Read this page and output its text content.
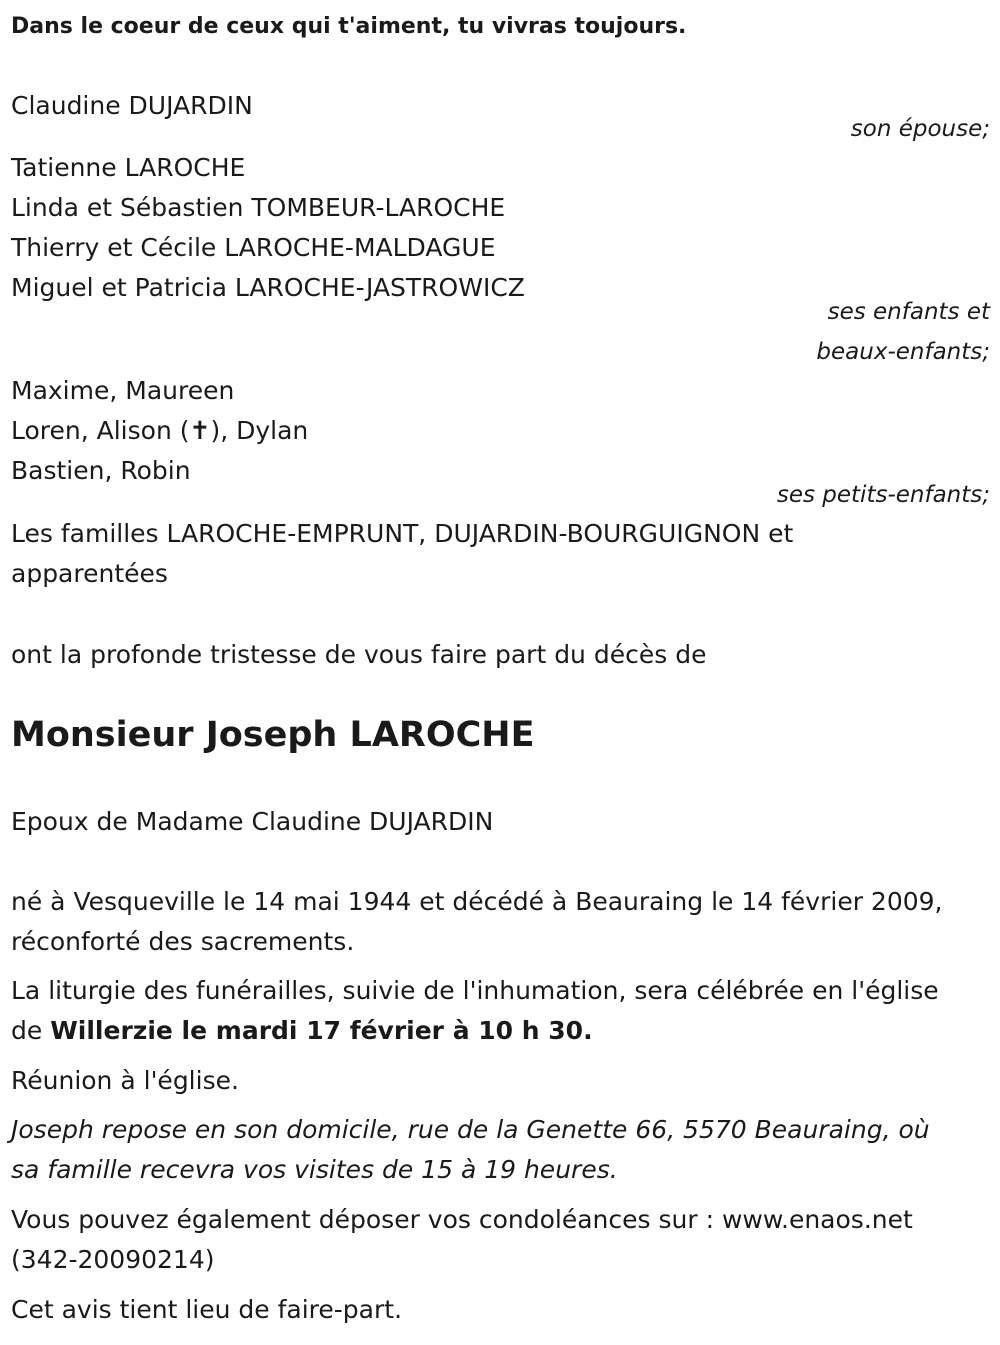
Dans le coeur de ceux qui t'aiment, tu vivras toujours.
Claudine DUJARDIN
son épouse;
Tatienne LAROCHE
Linda et Sébastien TOMBEUR-LAROCHE
Thierry et Cécile LAROCHE-MALDAGUE
Miguel et Patricia LAROCHE-JASTROWICZ
ses enfants et
beaux-enfants;
Maxime, Maureen
Loren, Alison (✝), Dylan
Bastien, Robin
ses petits-enfants;
Les familles LAROCHE-EMPRUNT, DUJARDIN-BOURGUIGNON et
apparentées
ont la profonde tristesse de vous faire part du décès de
Monsieur Joseph LAROCHE
Epoux de Madame Claudine DUJARDIN
né à Vesqueville le 14 mai 1944 et décédé à Beauraing le 14 février 2009,
réconforté des sacrements.
La liturgie des funérailles, suivie de l'inhumation, sera célébrée en l'église
de Willerzie le mardi 17 février à 10 h 30.
Réunion à l'église.
Joseph repose en son domicile, rue de la Genette 66, 5570 Beauraing, où
sa famille recevra vos visites de 15 à 19 heures.
Vous pouvez également déposer vos condoléances sur : www.enaos.net
(342-20090214)
Cet avis tient lieu de faire-part.
